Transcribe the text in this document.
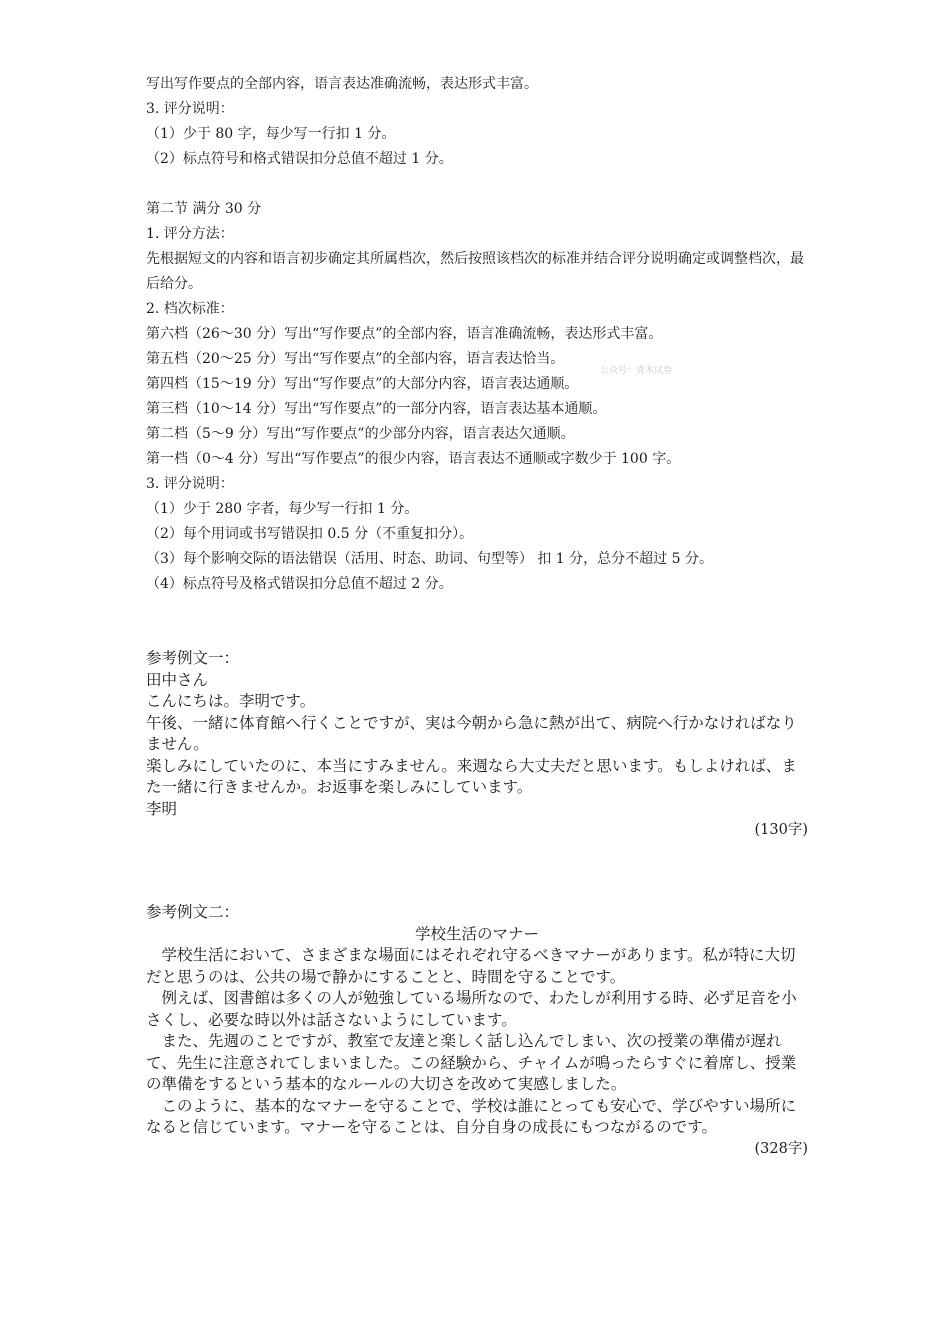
公众号：青木试卷

写出写作要点的全部内容，语言表达准确流畅，表达形式丰富。

3. 评分说明：

（1）少于 80 字，每少写一行扣 1 分。

（2）标点符号和格式错误扣分总值不超过 1 分。

第二节 满分 30 分

1. 评分方法：

先根据短文的内容和语言初步确定其所属档次，然后按照该档次的标准并结合评分说明确定或调整档次，最后给分。

2. 档次标准：

第六档（26～30 分）写出“写作要点”的全部内容，语言准确流畅，表达形式丰富。

第五档（20～25 分）写出“写作要点”的全部内容，语言表达恰当。

第四档（15～19 分）写出“写作要点”的大部分内容，语言表达通顺。

第三档（10～14 分）写出“写作要点”的一部分内容，语言表达基本通顺。

第二档（5～9 分）写出“写作要点”的少部分内容，语言表达欠通顺。

第一档（0～4 分）写出“写作要点”的很少内容，语言表达不通顺或字数少于 100 字。

3. 评分说明：

（1）少于 280 字者，每少写一行扣 1 分。

（2）每个用词或书写错误扣 0.5 分（不重复扣分）。

（3）每个影响交际的语法错误（活用、时态、助词、句型等） 扣 1 分，总分不超过 5 分。

（4）标点符号及格式错误扣分总值不超过 2 分。

参考例文一：

田中さん

こんにちは。李明です。

午後、一緒に体育館へ行くことですが、実は今朝から急に熱が出て、病院へ行かなければなりません。

楽しみにしていたのに、本当にすみません。来週なら大丈夫だと思います。もしよければ、また一緒に行きませんか。お返事を楽しみにしています。

李明

(130字)

参考例文二：

学校生活のマナー

学校生活において、さまざまな場面にはそれぞれ守るべきマナーがあります。私が特に大切だと思うのは、公共の場で静かにすることと、時間を守ることです。

例えば、図書館は多くの人が勉強している場所なので、わたしが利用する時、必ず足音を小さくし、必要な時以外は話さないようにしています。

また、先週のことですが、教室で友達と楽しく話し込んでしまい、次の授業の準備が遅れて、先生に注意されてしまいました。この経験から、チャイムが鳴ったらすぐに着席し、授業の準備をするという基本的なルールの大切さを改めて実感しました。

このように、基本的なマナーを守ることで、学校は誰にとっても安心で、学びやすい場所になると信じています。マナーを守ることは、自分自身の成長にもつながるのです。

(328字)
